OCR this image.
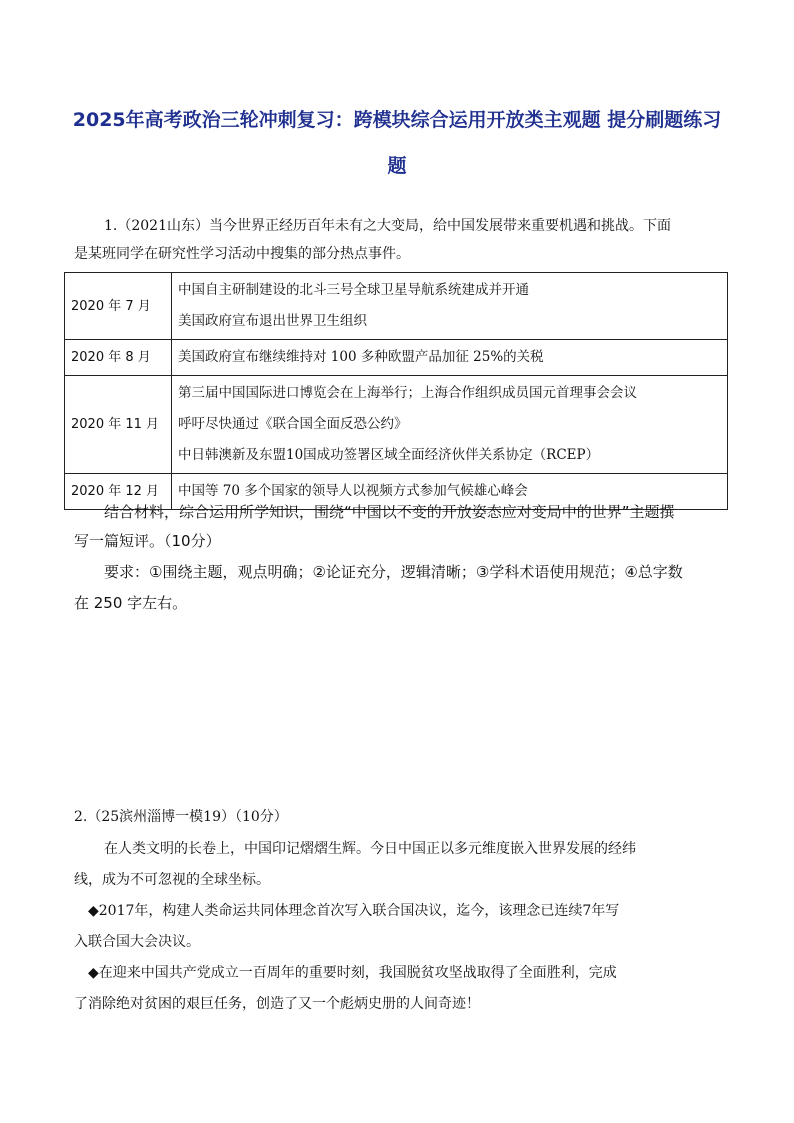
2025年高考政治三轮冲刺复习：跨模块综合运用开放类主观题 提分刷题练习
题
1.（2021山东）当今世界正经历百年未有之大变局，给中国发展带来重要机遇和挑战。下面
是某班同学在研究性学习活动中搜集的部分热点事件。
2020 年 7 月	中国自主研制建设的北斗三号全球卫星导航系统建成并开通
美国政府宣布退出世界卫生组织

2020 年 8 月	美国政府宣布继续维持对 100 多种欧盟产品加征 25%的关税

2020 年 11 月	第三届中国国际进口博览会在上海举行；上海合作组织成员国元首理事会会议
呼吁尽快通过《联合国全面反恐公约》
中日韩澳新及东盟10国成功签署区域全面经济伙伴关系协定（RCEP）

2020 年 12 月	中国等 70 多个国家的领导人以视频方式参加气候雄心峰会
结合材料，综合运用所学知识，围绕“中国以不变的开放姿态应对变局中的世界”主题撰
写一篇短评。（10分）
要求：①围绕主题，观点明确；②论证充分，逻辑清晰；③学科术语使用规范；④总字数
在 250 字左右。
2.（25滨州淄博一模19）（10分）
在人类文明的长卷上，中国印记熠熠生辉。今日中国正以多元维度嵌入世界发展的经纬
线，成为不可忽视的全球坐标。
◆2017年，构建人类命运共同体理念首次写入联合国决议，迄今，该理念已连续7年写
入联合国大会决议。
◆在迎来中国共产党成立一百周年的重要时刻，我国脱贫攻坚战取得了全面胜利，完成
了消除绝对贫困的艰巨任务，创造了又一个彪炳史册的人间奇迹！
